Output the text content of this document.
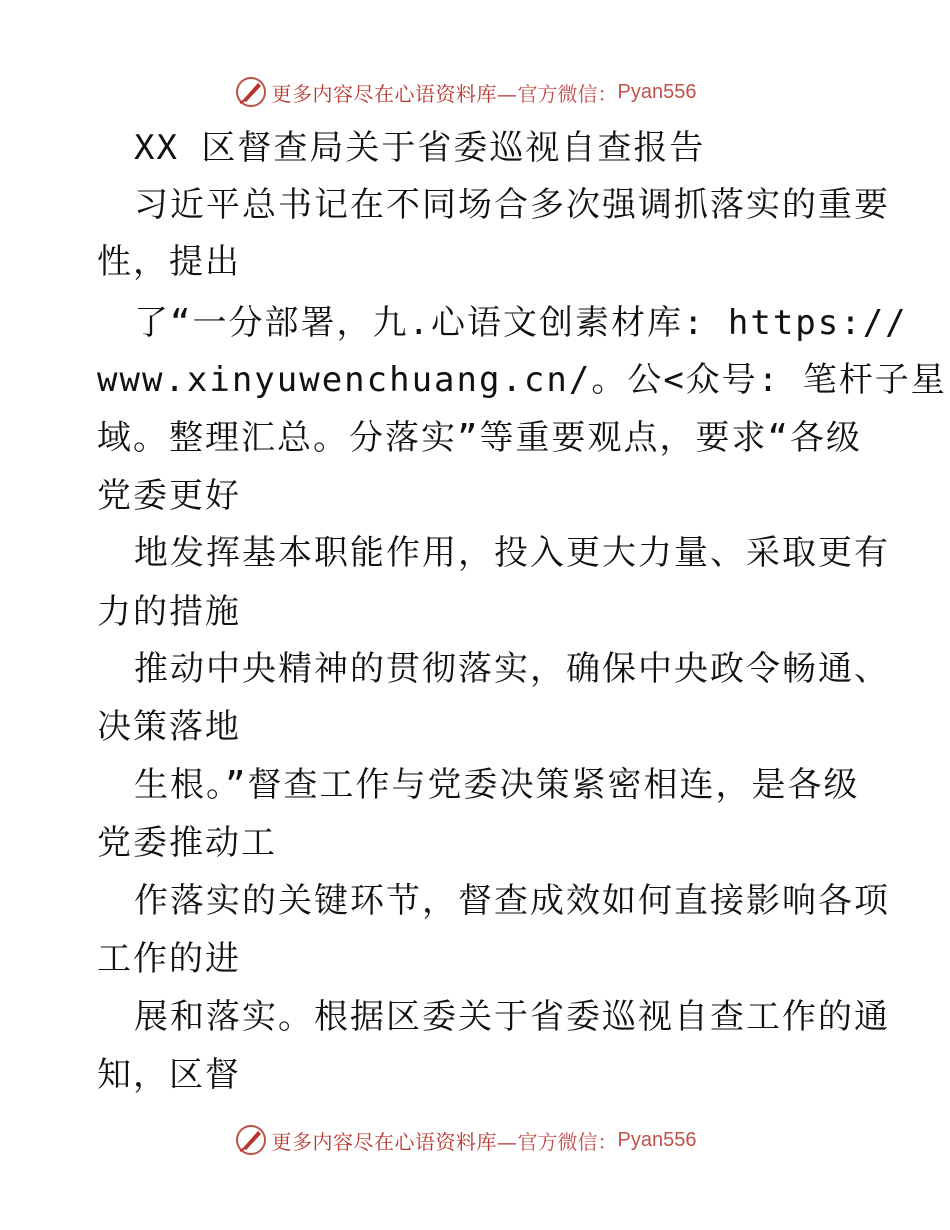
更多内容尽在心语资料库— 官方微信： Pyan556
XX 区督查局关于省委巡视自查报告
习近平总书记在不同场合多次强调抓落实的重要
性，提出
了“一分部署，九.心语文创素材库: https://
www.xinyuwenchuang.cn/。公<众号: 笔杆子星
域。整理汇总。分落实”等重要观点，要求“各级
党委更好
地发挥基本职能作用，投入更大力量、采取更有
力的措施
推动中央精神的贯彻落实，确保中央政令畅通、
决策落地
生根。”督查工作与党委决策紧密相连，是各级
党委推动工
作落实的关键环节，督查成效如何直接影响各项
工作的进
展和落实。根据区委关于省委巡视自查工作的通
知，区督
更多内容尽在心语资料库— 官方微信： Pyan556
